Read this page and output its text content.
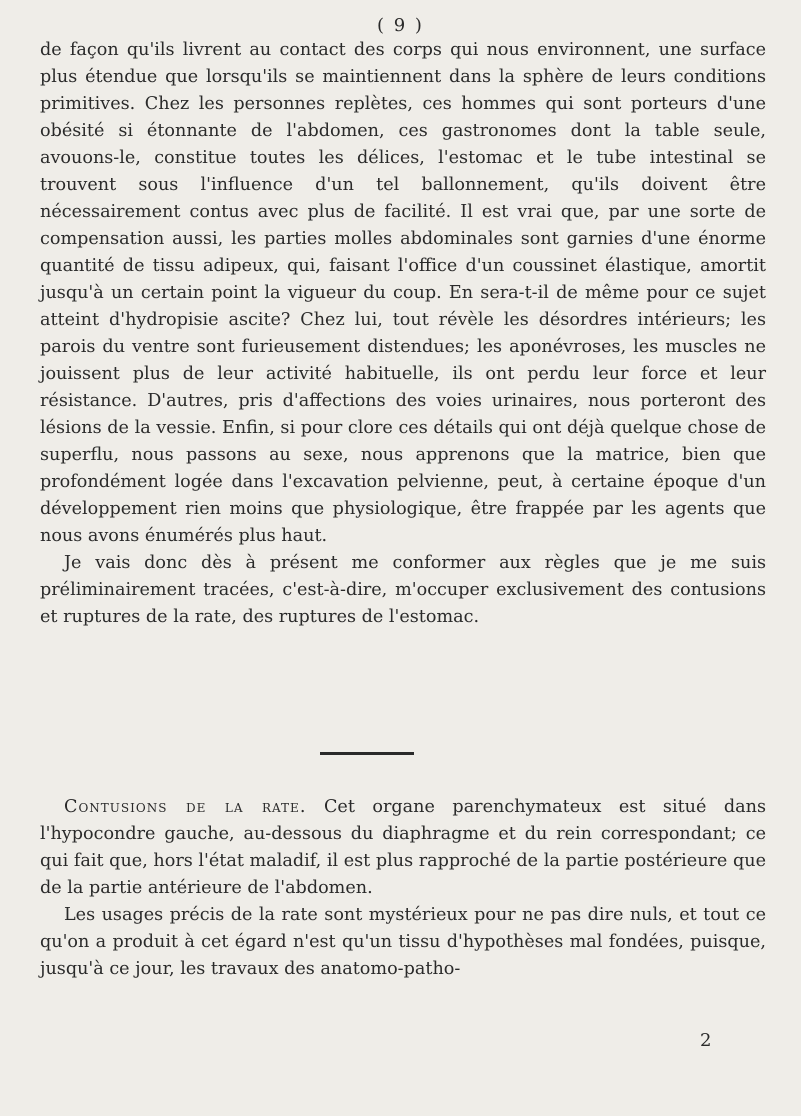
( 9 )

de façon qu'ils livrent au contact des corps qui nous environnent, une surface plus étendue que lorsqu'ils se maintiennent dans la sphère de leurs conditions primitives. Chez les personnes replètes, ces hommes qui sont porteurs d'une obésité si étonnante de l'abdomen, ces gastronomes dont la table seule, avouons-le, constitue toutes les délices, l'estomac et le tube intestinal se trouvent sous l'influence d'un tel ballonnement, qu'ils doivent être nécessairement contus avec plus de facilité. Il est vrai que, par une sorte de compensation aussi, les parties molles abdominales sont garnies d'une énorme quantité de tissu adipeux, qui, faisant l'office d'un coussinet élastique, amortit jusqu'à un certain point la vigueur du coup. En sera-t-il de même pour ce sujet atteint d'hydropisie ascite? Chez lui, tout révèle les désordres intérieurs; les parois du ventre sont furieusement distendues; les aponévroses, les muscles ne jouissent plus de leur activité habituelle, ils ont perdu leur force et leur résistance. D'autres, pris d'affections des voies urinaires, nous porteront des lésions de la vessie. Enfin, si pour clore ces détails qui ont déjà quelque chose de superflu, nous passons au sexe, nous apprenons que la matrice, bien que profondément logée dans l'excavation pelvienne, peut, à certaine époque d'un développement rien moins que physiologique, être frappée par les agents que nous avons énumérés plus haut.

Je vais donc dès à présent me conformer aux règles que je me suis préliminairement tracées, c'est-à-dire, m'occuper exclusivement des contusions et ruptures de la rate, des ruptures de l'estomac.

Contusions de la rate. Cet organe parenchymateux est situé dans l'hypocondre gauche, au-dessous du diaphragme et du rein correspondant; ce qui fait que, hors l'état maladif, il est plus rapproché de la partie postérieure que de la partie antérieure de l'abdomen.

Les usages précis de la rate sont mystérieux pour ne pas dire nuls, et tout ce qu'on a produit à cet égard n'est qu'un tissu d'hypothèses mal fondées, puisque, jusqu'à ce jour, les travaux des anatomo-patho-

2
